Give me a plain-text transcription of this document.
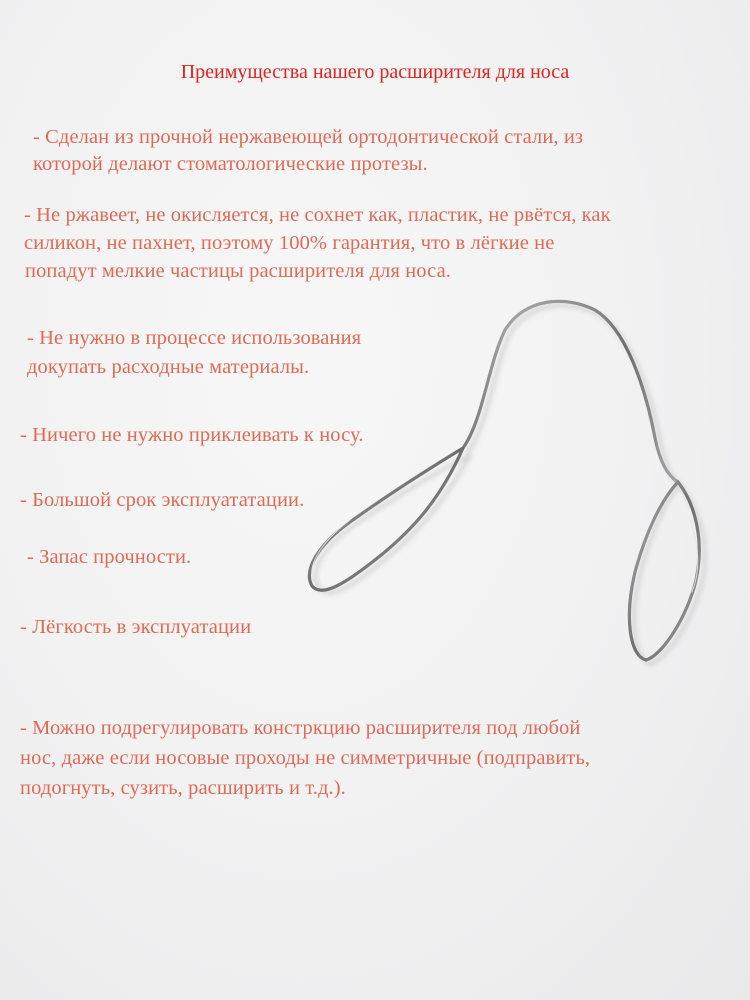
Преимущества нашего расширителя для носа
- Сделан из прочной нержавеющей ортодонтической стали, из
которой делают стоматологические протезы.
- Не ржавеет, не окисляется, не сохнет как, пластик, не рвётся, как
силикон, не пахнет, поэтому 100% гарантия, что в лёгкие не
попадут мелкие частицы расширителя для носа.
- Не нужно в процессе использования
докупать расходные материалы.
- Ничего не нужно приклеивать к носу.
- Большой срок эксплуататации.
- Запас прочности.
- Лёгкость в эксплуатации
- Можно подрегулировать констркцию расширителя под любой
нос, даже если носовые проходы не симметричные (подправить,
подогнуть, сузить, расширить и т.д.).
